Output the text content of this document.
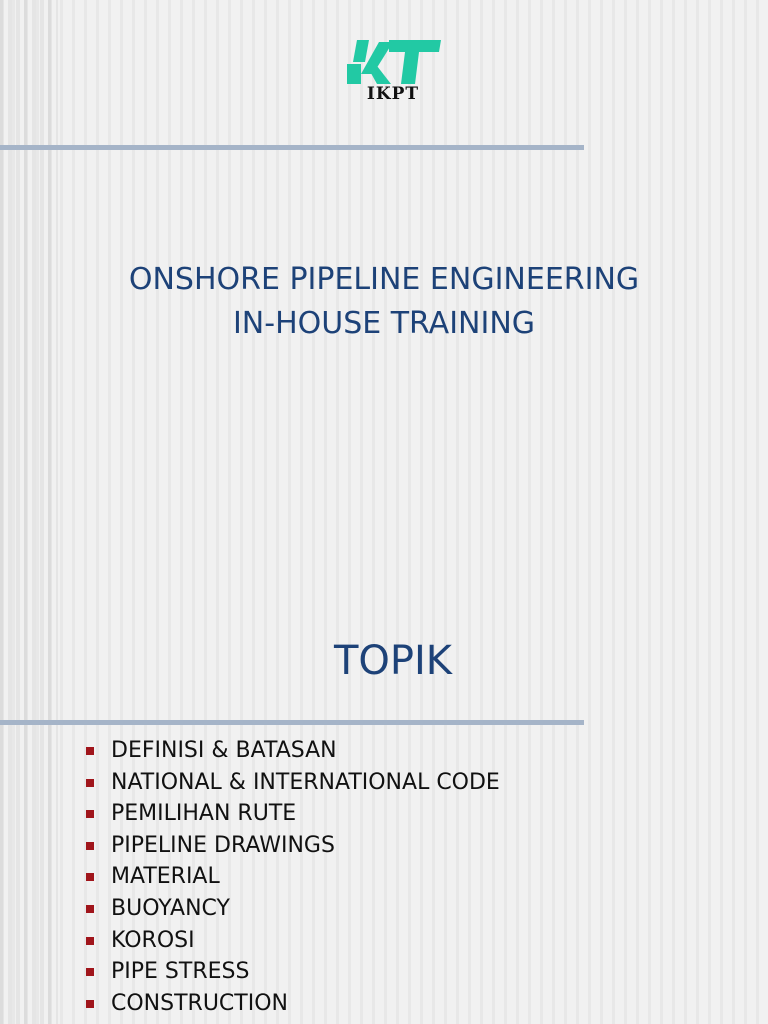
IKPT
ONSHORE PIPELINE ENGINEERING
IN-HOUSE TRAINING
TOPIK
DEFINISI & BATASAN
NATIONAL & INTERNATIONAL CODE
PEMILIHAN RUTE
PIPELINE DRAWINGS
MATERIAL
BUOYANCY
KOROSI
PIPE STRESS
CONSTRUCTION
